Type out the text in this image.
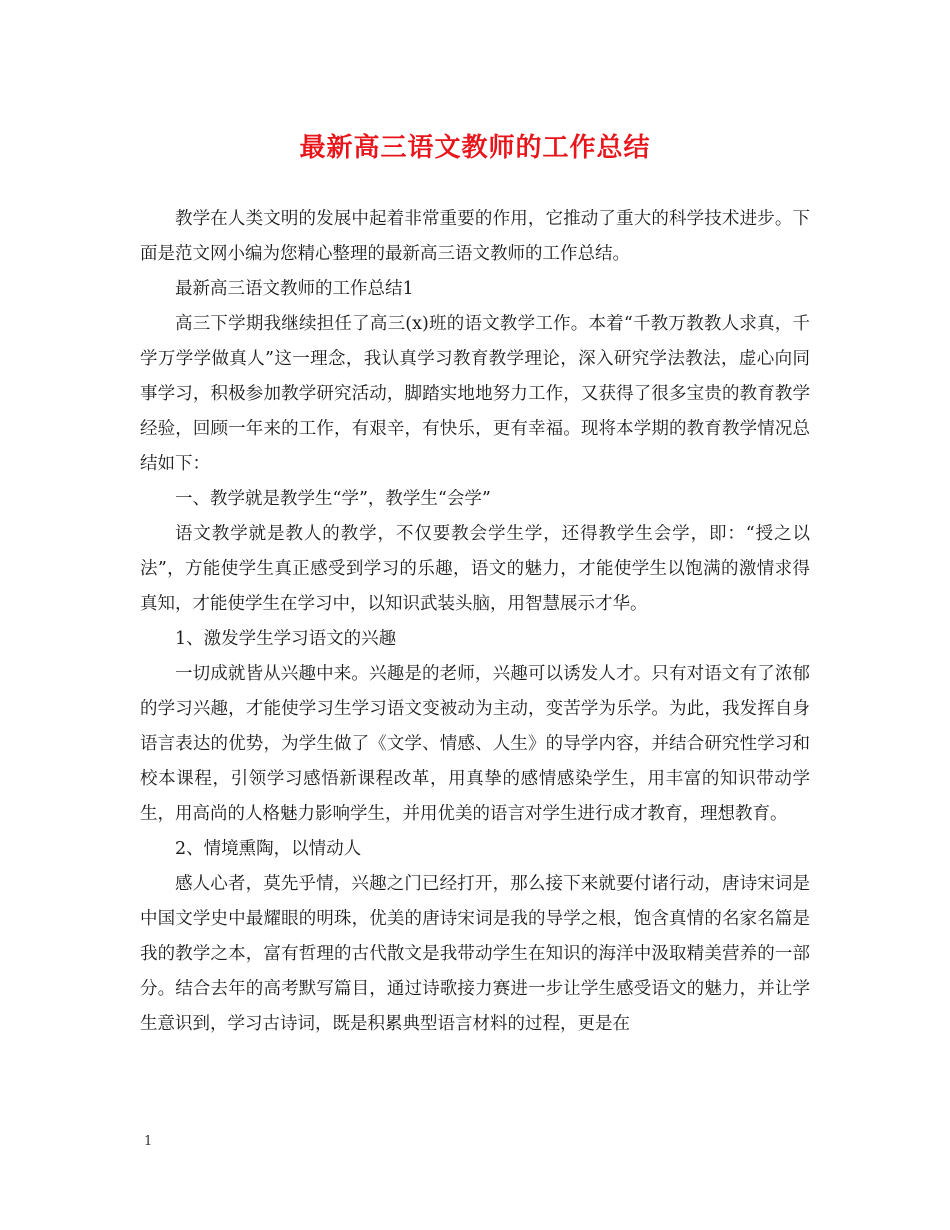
最新高三语文教师的工作总结

教学在人类文明的发展中起着非常重要的作用，它推动了重大的科学技术进步。下面是范文网小编为您精心整理的最新高三语文教师的工作总结。

最新高三语文教师的工作总结1

高三下学期我继续担任了高三(x)班的语文教学工作。本着“千教万教教人求真，千学万学学做真人”这一理念，我认真学习教育教学理论，深入研究学法教法，虚心向同事学习，积极参加教学研究活动，脚踏实地地努力工作，又获得了很多宝贵的教育教学经验，回顾一年来的工作，有艰辛，有快乐，更有幸福。现将本学期的教育教学情况总结如下：

一、教学就是教学生“学”，教学生“会学”

语文教学就是教人的教学，不仅要教会学生学，还得教学生会学，即：“授之以法”，方能使学生真正感受到学习的乐趣，语文的魅力，才能使学生以饱满的激情求得真知，才能使学生在学习中，以知识武装头脑，用智慧展示才华。

1、激发学生学习语文的兴趣

一切成就皆从兴趣中来。兴趣是的老师，兴趣可以诱发人才。只有对语文有了浓郁的学习兴趣，才能使学习生学习语文变被动为主动，变苦学为乐学。为此，我发挥自身语言表达的优势，为学生做了《文学、情感、人生》的导学内容，并结合研究性学习和校本课程，引领学习感悟新课程改革，用真挚的感情感染学生，用丰富的知识带动学生，用高尚的人格魅力影响学生，并用优美的语言对学生进行成才教育，理想教育。

2、情境熏陶，以情动人

感人心者，莫先乎情，兴趣之门已经打开，那么接下来就要付诸行动，唐诗宋词是中国文学史中最耀眼的明珠，优美的唐诗宋词是我的导学之根，饱含真情的名家名篇是我的教学之本，富有哲理的古代散文是我带动学生在知识的海洋中汲取精美营养的一部分。结合去年的高考默写篇目，通过诗歌接力赛进一步让学生感受语文的魅力，并让学生意识到，学习古诗词，既是积累典型语言材料的过程，更是在

1
